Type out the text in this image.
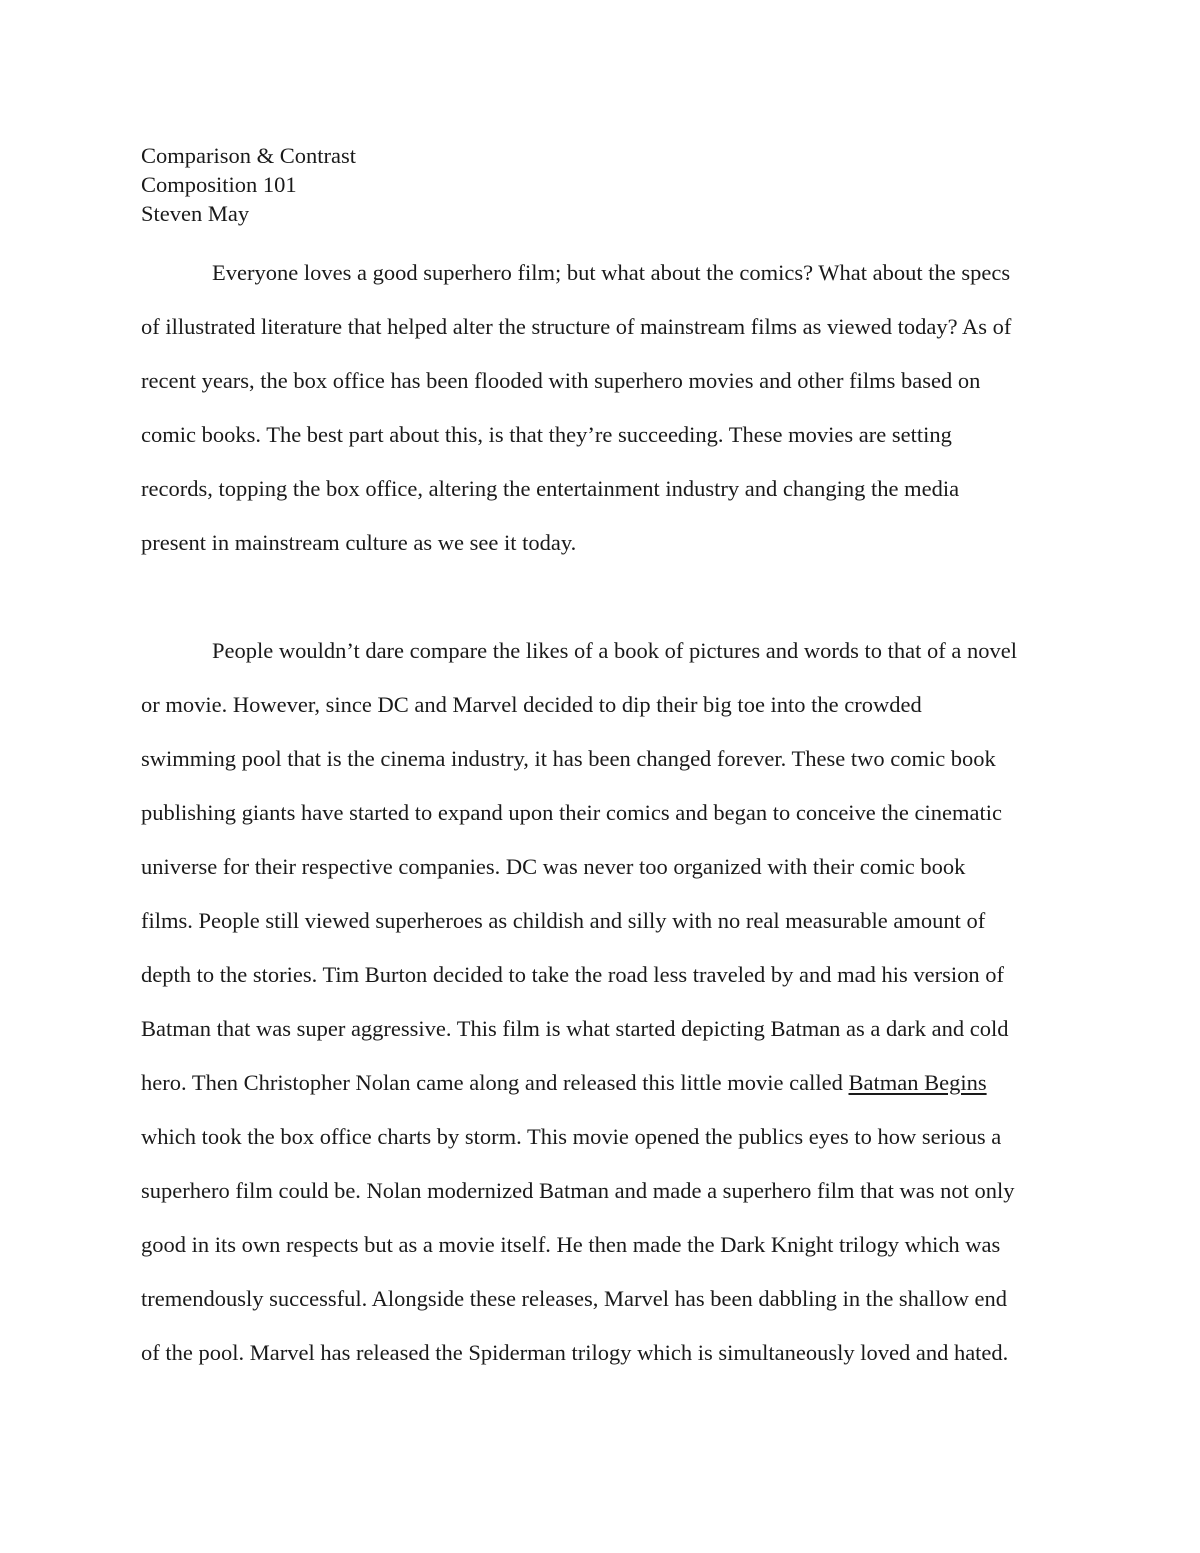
Comparison & Contrast
Composition 101
Steven May
Everyone loves a good superhero film; but what about the comics? What about the specs
of illustrated literature that helped alter the structure of mainstream films as viewed today? As of
recent years, the box office has been flooded with superhero movies and other films based on
comic books. The best part about this, is that they’re succeeding. These movies are setting
records, topping the box office, altering the entertainment industry and changing the media
present in mainstream culture as we see it today.
People wouldn’t dare compare the likes of a book of pictures and words to that of a novel
or movie. However, since DC and Marvel decided to dip their big toe into the crowded
swimming pool that is the cinema industry, it has been changed forever. These two comic book
publishing giants have started to expand upon their comics and began to conceive the cinematic
universe for their respective companies. DC was never too organized with their comic book
films. People still viewed superheroes as childish and silly with no real measurable amount of
depth to the stories. Tim Burton decided to take the road less traveled by and mad his version of
Batman that was super aggressive. This film is what started depicting Batman as a dark and cold
hero. Then Christopher Nolan came along and released this little movie called Batman Begins
which took the box office charts by storm. This movie opened the publics eyes to how serious a
superhero film could be. Nolan modernized Batman and made a superhero film that was not only
good in its own respects but as a movie itself. He then made the Dark Knight trilogy which was
tremendously successful. Alongside these releases, Marvel has been dabbling in the shallow end
of the pool. Marvel has released the Spiderman trilogy which is simultaneously loved and hated.
